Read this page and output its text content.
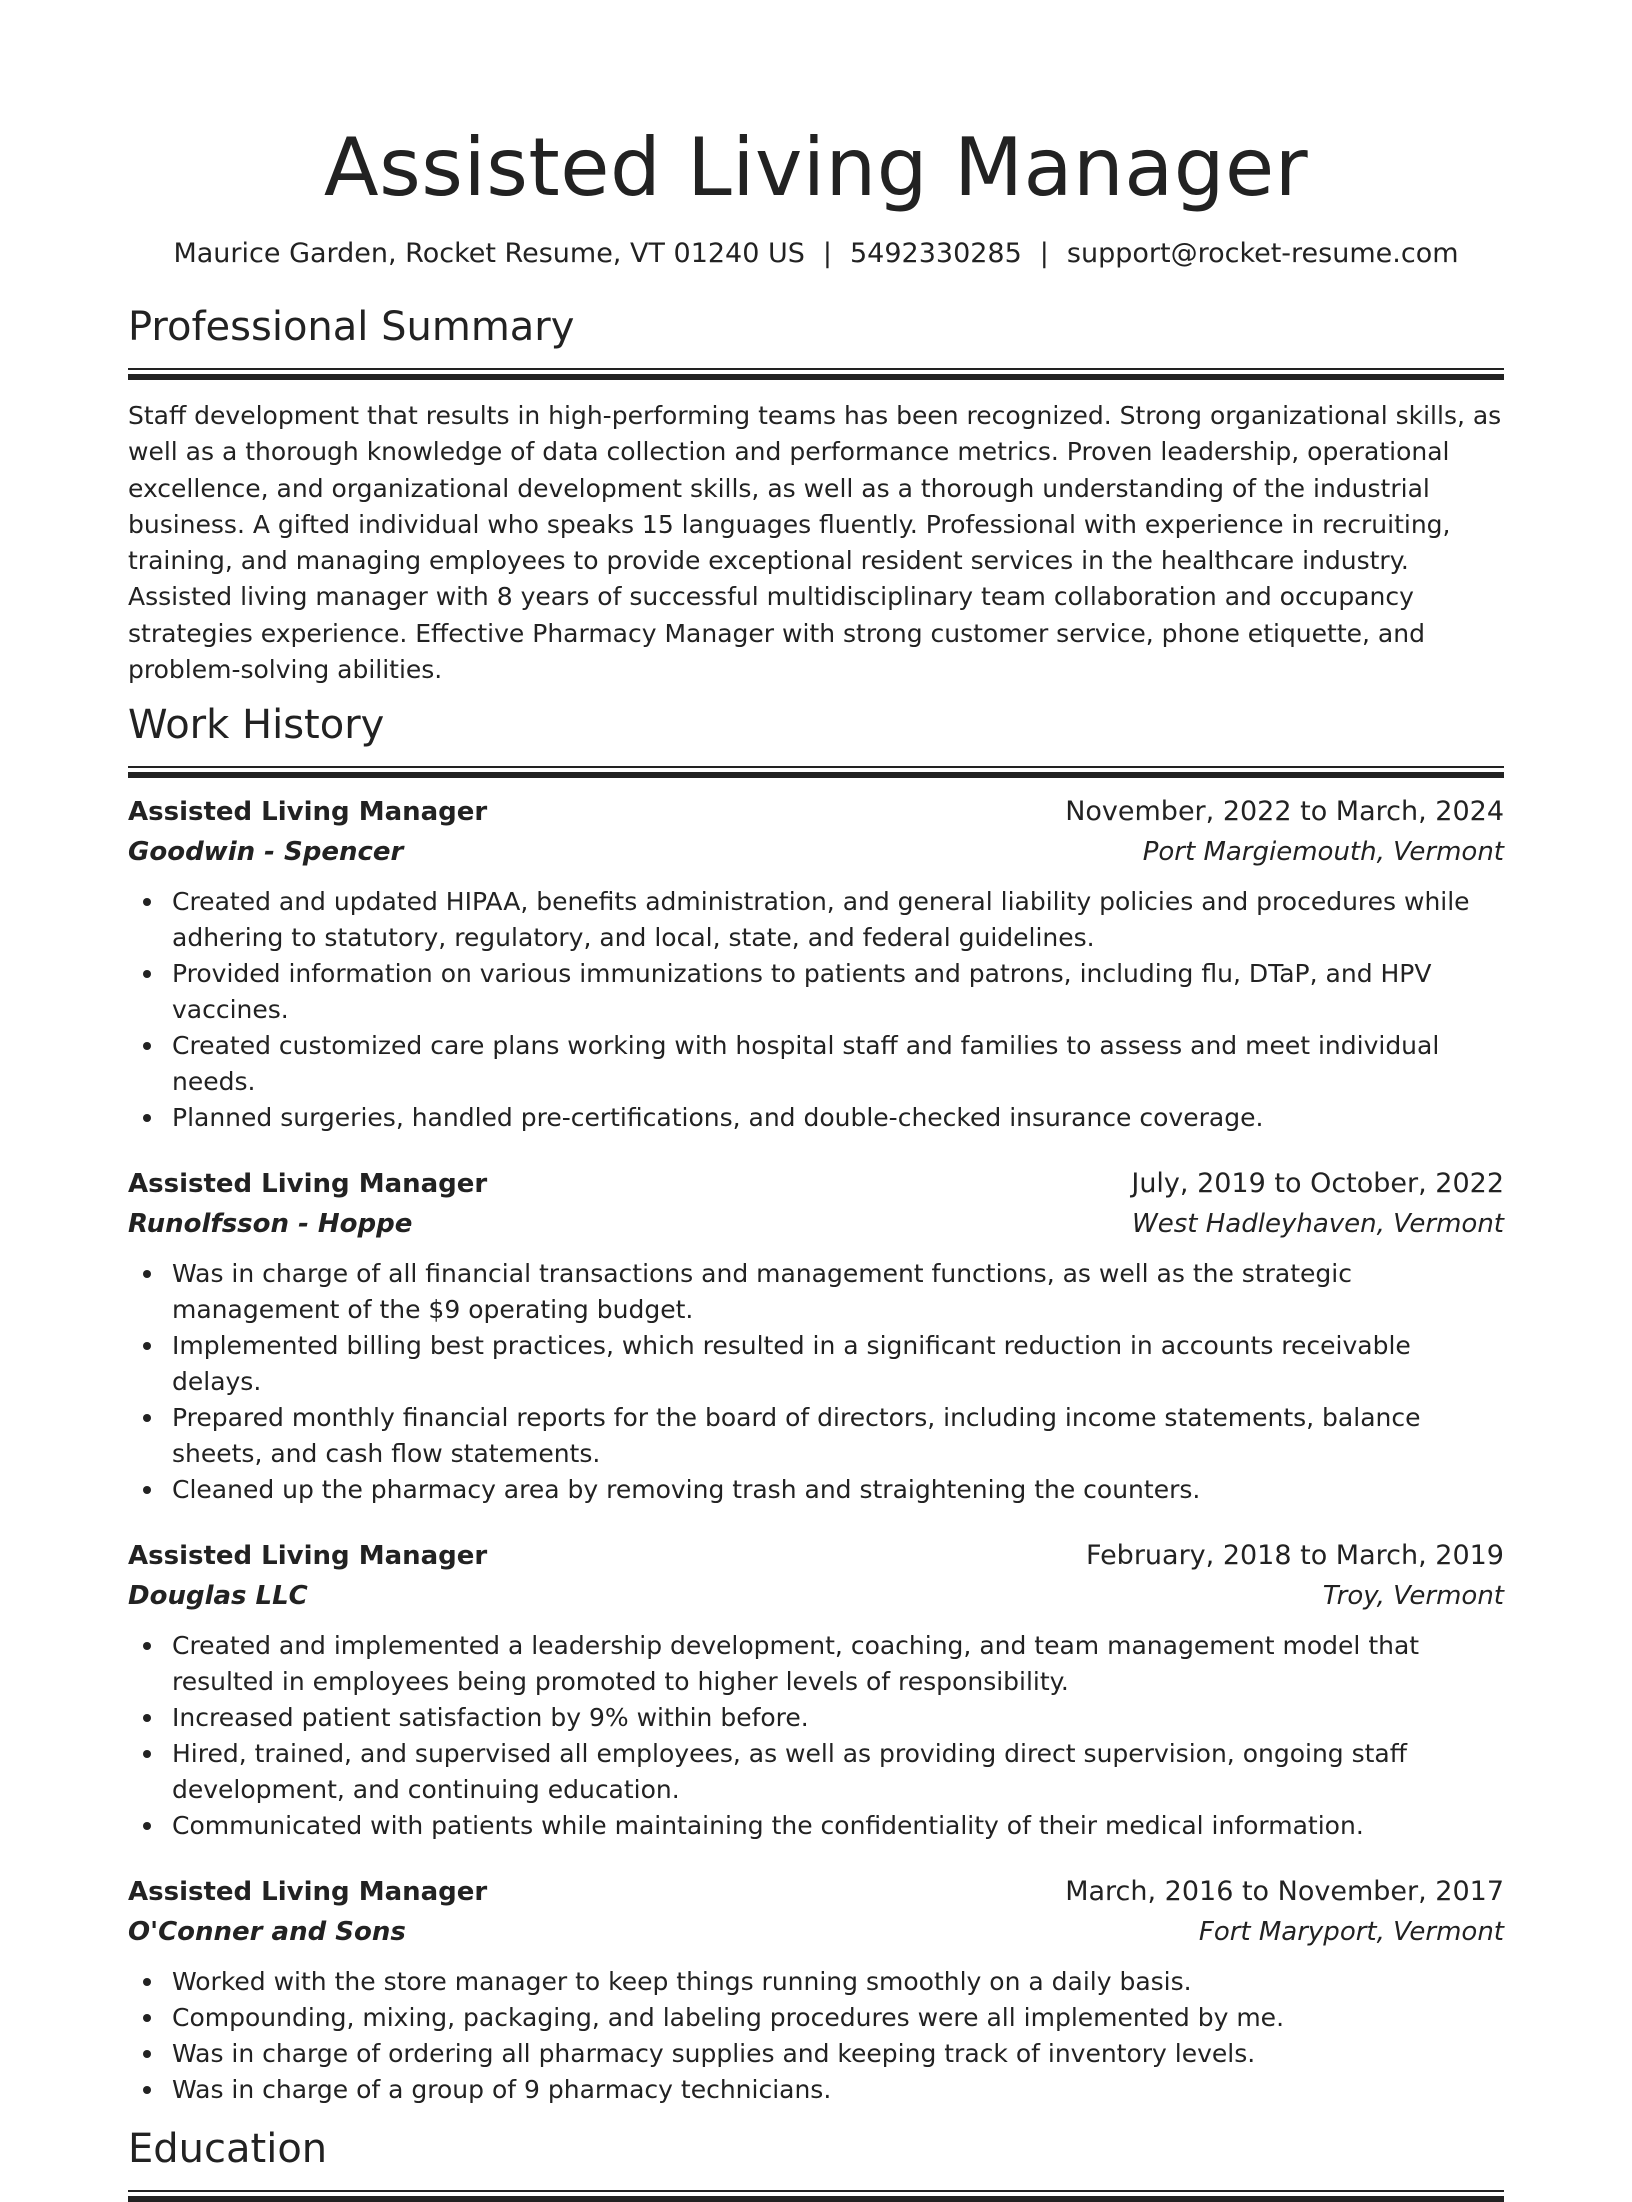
Assisted Living Manager
Maurice Garden, Rocket Resume, VT 01240 US | 5492330285 | support@rocket-resume.com
Professional Summary

Staff development that results in high-performing teams has been recognized. Strong organizational skills, as well as a thorough knowledge of data collection and performance metrics. Proven leadership, operational excellence, and organizational development skills, as well as a thorough understanding of the industrial business. A gifted individual who speaks 15 languages fluently. Professional with experience in recruiting, training, and managing employees to provide exceptional resident services in the healthcare industry. Assisted living manager with 8 years of successful multidisciplinary team collaboration and occupancy strategies experience. Effective Pharmacy Manager with strong customer service, phone etiquette, and problem-solving abilities.

Work History
Assisted Living Manager	November, 2022 to March, 2024
Goodwin - Spencer	Port Margiemouth, Vermont
Created and updated HIPAA, benefits administration, and general liability policies and procedures while adhering to statutory, regulatory, and local, state, and federal guidelines.
Provided information on various immunizations to patients and patrons, including flu, DTaP, and HPV vaccines.
Created customized care plans working with hospital staff and families to assess and meet individual needs.
Planned surgeries, handled pre-certifications, and double-checked insurance coverage.
Assisted Living Manager	July, 2019 to October, 2022
Runolfsson - Hoppe	West Hadleyhaven, Vermont
Was in charge of all financial transactions and management functions, as well as the strategic management of the $9 operating budget.
Implemented billing best practices, which resulted in a significant reduction in accounts receivable delays.
Prepared monthly financial reports for the board of directors, including income statements, balance sheets, and cash flow statements.
Cleaned up the pharmacy area by removing trash and straightening the counters.
Assisted Living Manager	February, 2018 to March, 2019
Douglas LLC	Troy, Vermont
Created and implemented a leadership development, coaching, and team management model that resulted in employees being promoted to higher levels of responsibility.
Increased patient satisfaction by 9% within before.
Hired, trained, and supervised all employees, as well as providing direct supervision, ongoing staff development, and continuing education.
Communicated with patients while maintaining the confidentiality of their medical information.
Assisted Living Manager	March, 2016 to November, 2017
O'Conner and Sons	Fort Maryport, Vermont
Worked with the store manager to keep things running smoothly on a daily basis.
Compounding, mixing, packaging, and labeling procedures were all implemented by me.
Was in charge of ordering all pharmacy supplies and keeping track of inventory levels.
Was in charge of a group of 9 pharmacy technicians.
Education
